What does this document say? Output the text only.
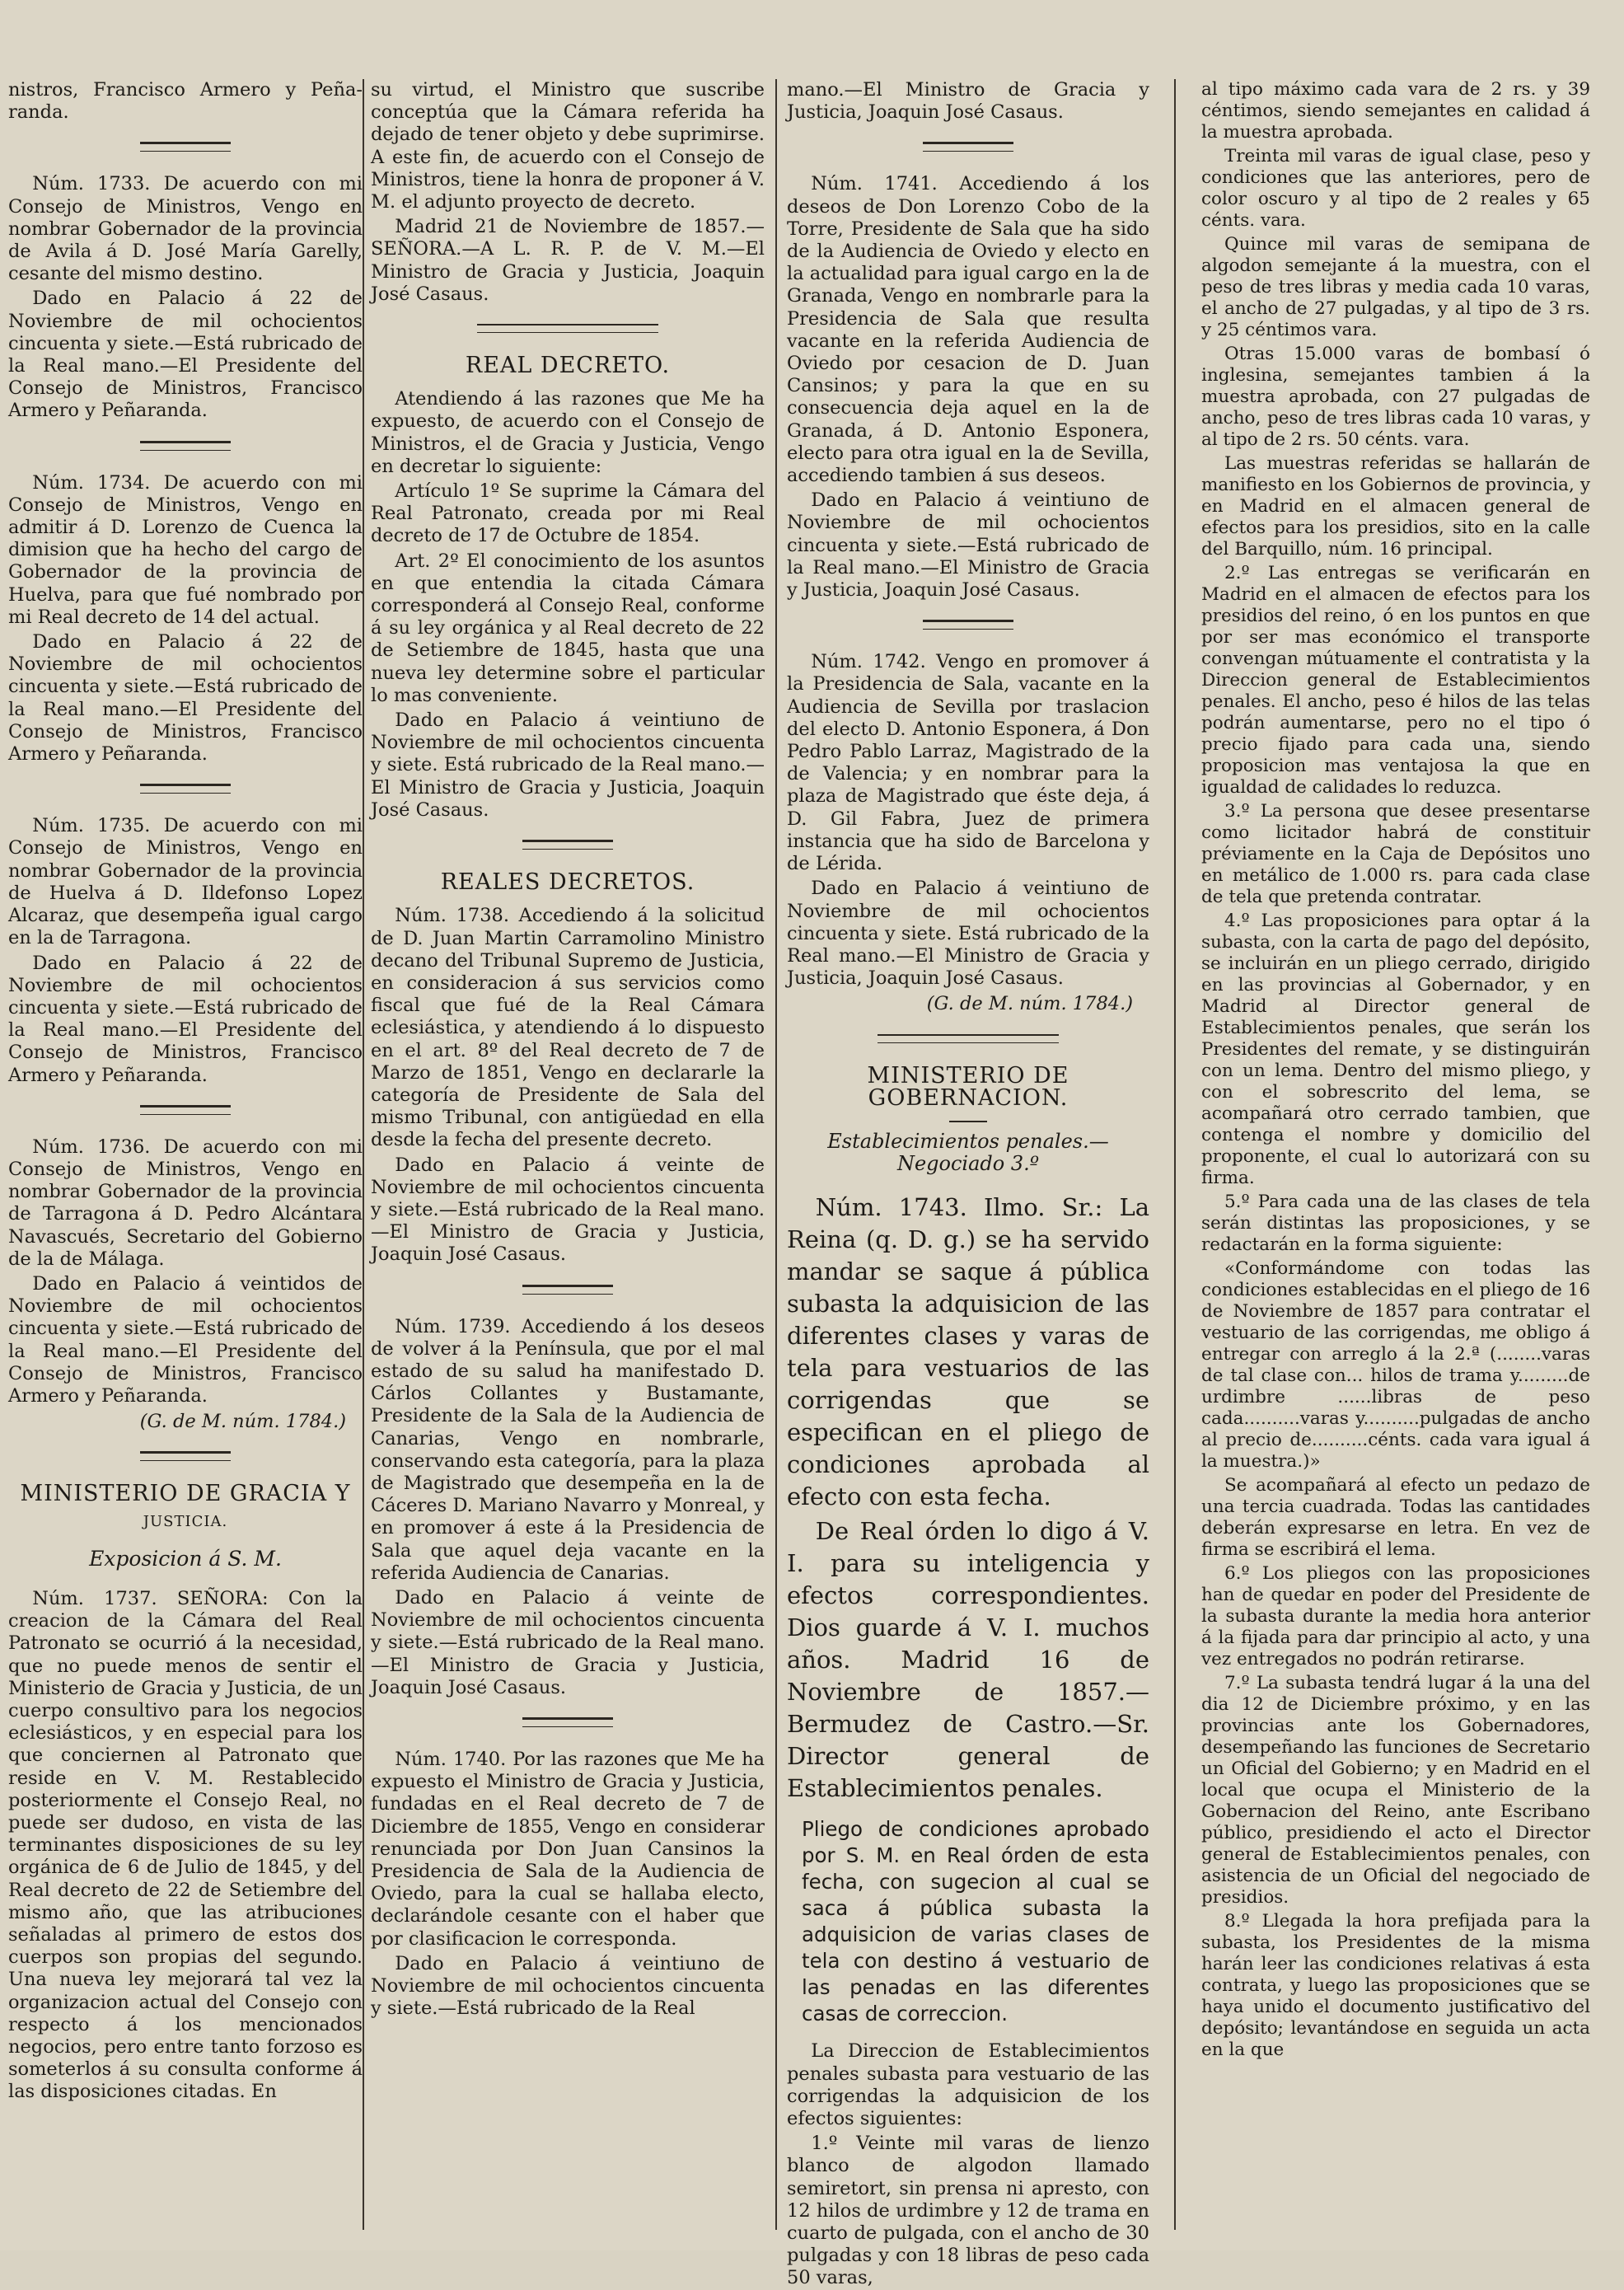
nistros, Francisco Armero y Peña-randa.

Núm. 1733. De acuerdo con mi Consejo de Ministros, Vengo en nombrar Gobernador de la provincia de Avila á D. José María Garelly, cesante del mismo destino.

Dado en Palacio á 22 de Noviembre de mil ochocientos cincuenta y siete.—Está rubricado de la Real mano.—El Presidente del Consejo de Ministros, Francisco Armero y Peñaranda.

Núm. 1734. De acuerdo con mi Consejo de Ministros, Vengo en admitir á D. Lorenzo de Cuenca la dimision que ha hecho del cargo de Gobernador de la provincia de Huelva, para que fué nombrado por mi Real decreto de 14 del actual.

Dado en Palacio á 22 de Noviembre de mil ochocientos cincuenta y siete.—Está rubricado de la Real mano.—El Presidente del Consejo de Ministros, Francisco Armero y Peñaranda.

Núm. 1735. De acuerdo con mi Consejo de Ministros, Vengo en nombrar Gobernador de la provincia de Huelva á D. Ildefonso Lopez Alcaraz, que desempeña igual cargo en la de Tarragona.

Dado en Palacio á 22 de Noviembre de mil ochocientos cincuenta y siete.—Está rubricado de la Real mano.—El Presidente del Consejo de Ministros, Francisco Armero y Peñaranda.

Núm. 1736. De acuerdo con mi Consejo de Ministros, Vengo en nombrar Gobernador de la provincia de Tarragona á D. Pedro Alcántara Navascués, Secretario del Gobierno de la de Málaga.

Dado en Palacio á veintidos de Noviembre de mil ochocientos cincuenta y siete.—Está rubricado de la Real mano.—El Presidente del Consejo de Ministros, Francisco Armero y Peñaranda.

(G. de M. núm. 1784.)
MINISTERIO DE GRACIA Y
JUSTICIA.
Exposicion á S. M.

Núm. 1737. SEÑORA: Con la creacion de la Cámara del Real Patronato se ocurrió á la necesidad, que no puede menos de sentir el Ministerio de Gracia y Justicia, de un cuerpo consultivo para los negocios eclesiásticos, y en especial para los que conciernen al Patronato que reside en V. M. Restablecido posteriormente el Consejo Real, no puede ser dudoso, en vista de las terminantes disposiciones de su ley orgánica de 6 de Julio de 1845, y del Real decreto de 22 de Setiembre del mismo año, que las atribuciones señaladas al primero de estos dos cuerpos son propias del segundo. Una nueva ley mejorará tal vez la organizacion actual del Consejo con respecto á los mencionados negocios, pero entre tanto forzoso es someterlos á su consulta conforme á las disposiciones citadas. En

su virtud, el Ministro que suscribe conceptúa que la Cámara referida ha dejado de tener objeto y debe suprimirse. A este fin, de acuerdo con el Consejo de Ministros, tiene la honra de proponer á V. M. el adjunto proyecto de decreto.

Madrid 21 de Noviembre de 1857.—SEÑORA.—A L. R. P. de V. M.—El Ministro de Gracia y Justicia, Joaquin José Casaus.

REAL DECRETO.

Atendiendo á las razones que Me ha expuesto, de acuerdo con el Consejo de Ministros, el de Gracia y Justicia, Vengo en decretar lo siguiente:

Artículo 1º Se suprime la Cámara del Real Patronato, creada por mi Real decreto de 17 de Octubre de 1854.

Art. 2º El conocimiento de los asuntos en que entendia la citada Cámara corresponderá al Consejo Real, conforme á su ley orgánica y al Real decreto de 22 de Setiembre de 1845, hasta que una nueva ley determine sobre el particular lo mas conveniente.

Dado en Palacio á veintiuno de Noviembre de mil ochocientos cincuenta y siete. Está rubricado de la Real mano.—El Ministro de Gracia y Justicia, Joaquin José Casaus.

REALES DECRETOS.

Núm. 1738. Accediendo á la solicitud de D. Juan Martin Carramolino Ministro decano del Tribunal Supremo de Justicia, en consideracion á sus servicios como fiscal que fué de la Real Cámara eclesiástica, y atendiendo á lo dispuesto en el art. 8º del Real decreto de 7 de Marzo de 1851, Vengo en declararle la categoría de Presidente de Sala del mismo Tribunal, con antigüedad en ella desde la fecha del presente decreto.

Dado en Palacio á veinte de Noviembre de mil ochocientos cincuenta y siete.—Está rubricado de la Real mano.—El Ministro de Gracia y Justicia, Joaquin José Casaus.

Núm. 1739. Accediendo á los deseos de volver á la Península, que por el mal estado de su salud ha manifestado D. Cárlos Collantes y Bustamante, Presidente de la Sala de la Audiencia de Canarias, Vengo en nombrarle, conservando esta categoría, para la plaza de Magistrado que desempeña en la de Cáceres D. Mariano Navarro y Monreal, y en promover á este á la Presidencia de Sala que aquel deja vacante en la referida Audiencia de Canarias.

Dado en Palacio á veinte de Noviembre de mil ochocientos cincuenta y siete.—Está rubricado de la Real mano.—El Ministro de Gracia y Justicia, Joaquin José Casaus.

Núm. 1740. Por las razones que Me ha expuesto el Ministro de Gracia y Justicia, fundadas en el Real decreto de 7 de Diciembre de 1855, Vengo en considerar renunciada por Don Juan Cansinos la Presidencia de Sala de la Audiencia de Oviedo, para la cual se hallaba electo, declarándole cesante con el haber que por clasificacion le corresponda.

Dado en Palacio á veintiuno de Noviembre de mil ochocientos cincuenta y siete.—Está rubricado de la Real

mano.—El Ministro de Gracia y Justicia, Joaquin José Casaus.

Núm. 1741. Accediendo á los deseos de Don Lorenzo Cobo de la Torre, Presidente de Sala que ha sido de la Audiencia de Oviedo y electo en la actualidad para igual cargo en la de Granada, Vengo en nombrarle para la Presidencia de Sala que resulta vacante en la referida Audiencia de Oviedo por cesacion de D. Juan Cansinos; y para la que en su consecuencia deja aquel en la de Granada, á D. Antonio Esponera, electo para otra igual en la de Sevilla, accediendo tambien á sus deseos.

Dado en Palacio á veintiuno de Noviembre de mil ochocientos cincuenta y siete.—Está rubricado de la Real mano.—El Ministro de Gracia y Justicia, Joaquin José Casaus.

Núm. 1742. Vengo en promover á la Presidencia de Sala, vacante en la Audiencia de Sevilla por traslacion del electo D. Antonio Esponera, á Don Pedro Pablo Larraz, Magistrado de la de Valencia; y en nombrar para la plaza de Magistrado que éste deja, á D. Gil Fabra, Juez de primera instancia que ha sido de Barcelona y de Lérida.

Dado en Palacio á veintiuno de Noviembre de mil ochocientos cincuenta y siete. Está rubricado de la Real mano.—El Ministro de Gracia y Justicia, Joaquin José Casaus.

(G. de M. núm. 1784.)
MINISTERIO DE GOBERNACION.
Establecimientos penales.—Negociado 3.º

Núm. 1743. Ilmo. Sr.: La Reina (q. D. g.) se ha servido mandar se saque á pública subasta la adquisicion de las diferentes clases y varas de tela para vestuarios de las corrigendas que se especifican en el pliego de condiciones aprobada al efecto con esta fecha.

De Real órden lo digo á V. I. para su inteligencia y efectos correspondientes. Dios guarde á V. I. muchos años. Madrid 16 de Noviembre de 1857.—Bermudez de Castro.—Sr. Director general de Establecimientos penales.

Pliego de condiciones aprobado por S. M. en Real órden de esta fecha, con sugecion al cual se saca á pública subasta la adquisicion de varias clases de tela con destino á vestuario de las penadas en las diferentes casas de correccion.

La Direccion de Establecimientos penales subasta para vestuario de las corrigendas la adquisicion de los efectos siguientes:

1.º Veinte mil varas de lienzo blanco de algodon llamado semiretort, sin prensa ni apresto, con 12 hilos de urdimbre y 12 de trama en cuarto de pulgada, con el ancho de 30 pulgadas y con 18 libras de peso cada 50 varas,

al tipo máximo cada vara de 2 rs. y 39 céntimos, siendo semejantes en calidad á la muestra aprobada.

Treinta mil varas de igual clase, peso y condiciones que las anteriores, pero de color oscuro y al tipo de 2 reales y 65 cénts. vara.

Quince mil varas de semipana de algodon semejante á la muestra, con el peso de tres libras y media cada 10 varas, el ancho de 27 pulgadas, y al tipo de 3 rs. y 25 céntimos vara.

Otras 15.000 varas de bombasí ó inglesina, semejantes tambien á la muestra aprobada, con 27 pulgadas de ancho, peso de tres libras cada 10 varas, y al tipo de 2 rs. 50 cénts. vara.

Las muestras referidas se hallarán de manifiesto en los Gobiernos de provincia, y en Madrid en el almacen general de efectos para los presidios, sito en la calle del Barquillo, núm. 16 principal.

2.º Las entregas se verificarán en Madrid en el almacen de efectos para los presidios del reino, ó en los puntos en que por ser mas económico el transporte convengan mútuamente el contratista y la Direccion general de Establecimientos penales. El ancho, peso é hilos de las telas podrán aumentarse, pero no el tipo ó precio fijado para cada una, siendo proposicion mas ventajosa la que en igualdad de calidades lo reduzca.

3.º La persona que desee presentarse como licitador habrá de constituir préviamente en la Caja de Depósitos uno en metálico de 1.000 rs. para cada clase de tela que pretenda contratar.

4.º Las proposiciones para optar á la subasta, con la carta de pago del depósito, se incluirán en un pliego cerrado, dirigido en las provincias al Gobernador, y en Madrid al Director general de Establecimientos penales, que serán los Presidentes del remate, y se distinguirán con un lema. Dentro del mismo pliego, y con el sobrescrito del lema, se acompañará otro cerrado tambien, que contenga el nombre y domicilio del proponente, el cual lo autorizará con su firma.

5.º Para cada una de las clases de tela serán distintas las proposiciones, y se redactarán en la forma siguiente:

«Conformándome con todas las condiciones establecidas en el pliego de 16 de Noviembre de 1857 para contratar el vestuario de las corrigendas, me obligo á entregar con arreglo á la 2.ª (........varas de tal clase con... hilos de trama y.........de urdimbre ......libras de peso cada..........varas y..........pulgadas de ancho al precio de..........cénts. cada vara igual á la muestra.)»

Se acompañará al efecto un pedazo de una tercia cuadrada. Todas las cantidades deberán expresarse en letra. En vez de firma se escribirá el lema.

6.º Los pliegos con las proposiciones han de quedar en poder del Presidente de la subasta durante la media hora anterior á la fijada para dar principio al acto, y una vez entregados no podrán retirarse.

7.º La subasta tendrá lugar á la una del dia 12 de Diciembre próximo, y en las provincias ante los Gobernadores, desempeñando las funciones de Secretario un Oficial del Gobierno; y en Madrid en el local que ocupa el Ministerio de la Gobernacion del Reino, ante Escribano público, presidiendo el acto el Director general de Establecimientos penales, con asistencia de un Oficial del negociado de presidios.

8.º Llegada la hora prefijada para la subasta, los Presidentes de la misma harán leer las condiciones relativas á esta contrata, y luego las proposiciones que se haya unido el documento justificativo del depósito; levantándose en seguida un acta en la que
